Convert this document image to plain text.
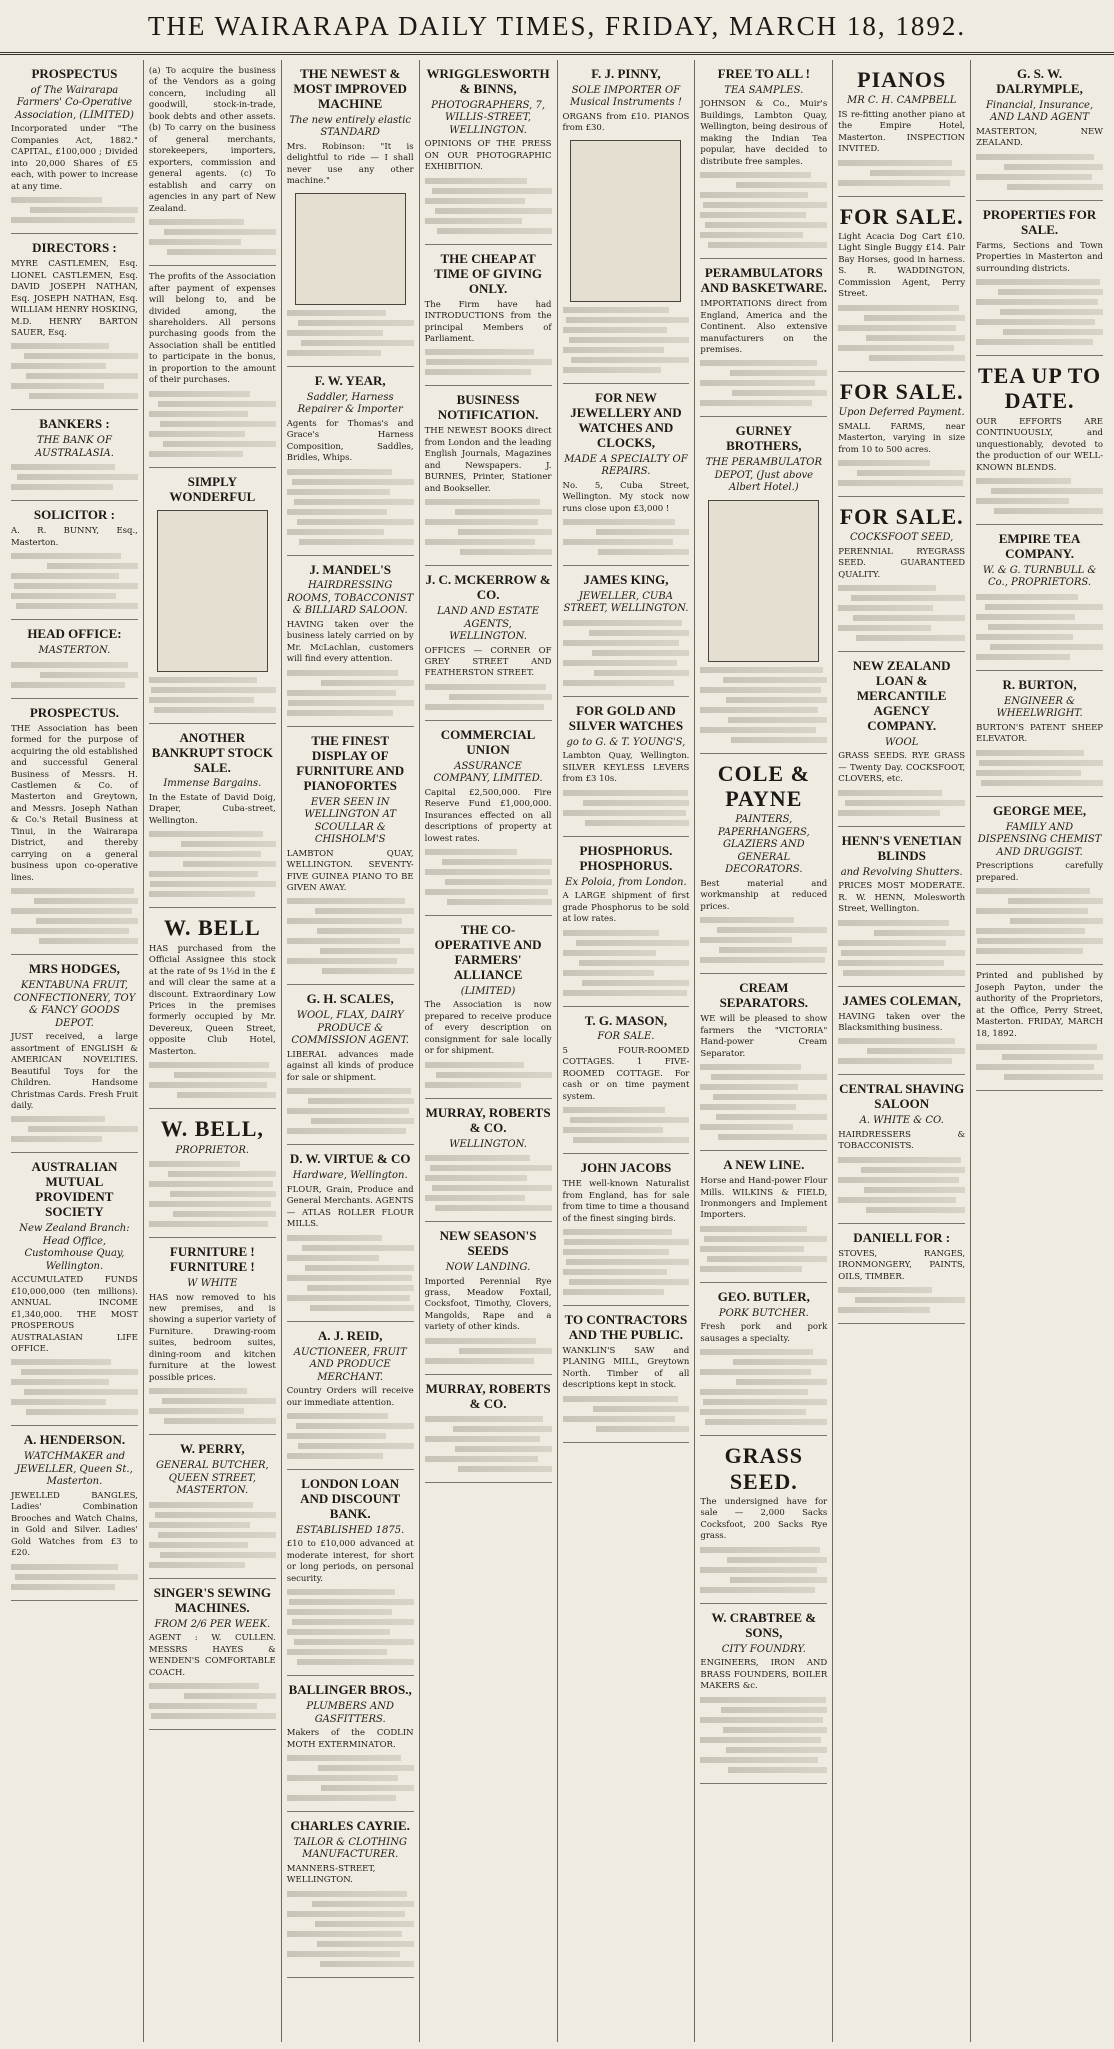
THE WAIRARAPA DAILY TIMES, FRIDAY, MARCH 18, 1892.
PROSPECTUS
of The Wairarapa Farmers' Co-Operative Association, (LIMITED)
Incorporated under "The Companies Act, 1882." CAPITAL, £100,000 ; Divided into 20,000 Shares of £5 each, with power to increase at any time.
DIRECTORS :
MYRE CASTLEMEN, Esq. LIONEL CASTLEMEN, Esq. DAVID JOSEPH NATHAN, Esq. JOSEPH NATHAN, Esq. WILLIAM HENRY HOSKING, M.D. HENRY BARTON SAUER, Esq.
BANKERS :
THE BANK OF AUSTRALASIA.
SOLICITOR :
A. R. BUNNY, Esq., Masterton.
HEAD OFFICE:
MASTERTON.
PROSPECTUS.
THE Association has been formed for the purpose of acquiring the old established and successful General Business of Messrs. H. Castlemen & Co. of Masterton and Greytown, and Messrs. Joseph Nathan & Co.'s Retail Business at Tinui, in the Wairarapa District, and thereby carrying on a general business upon co-operative lines.
MRS HODGES,
KENTABUNA FRUIT, CONFECTIONERY, TOY & FANCY GOODS DEPOT.
JUST received, a large assortment of ENGLISH & AMERICAN NOVELTIES. Beautiful Toys for the Children. Handsome Christmas Cards. Fresh Fruit daily.
AUSTRALIAN MUTUAL PROVIDENT SOCIETY
New Zealand Branch: Head Office, Customhouse Quay, Wellington.
ACCUMULATED FUNDS £10,000,000 (ten millions). ANNUAL INCOME £1,340,000. THE MOST PROSPEROUS AUSTRALASIAN LIFE OFFICE.
A. HENDERSON.
WATCHMAKER and JEWELLER, Queen St., Masterton.
JEWELLED BANGLES, Ladies' Combination Brooches and Watch Chains, in Gold and Silver. Ladies' Gold Watches from £3 to £20.
(a) To acquire the business of the Vendors as a going concern, including all goodwill, stock-in-trade, book debts and other assets. (b) To carry on the business of general merchants, storekeepers, importers, exporters, commission and general agents. (c) To establish and carry on agencies in any part of New Zealand.
The profits of the Association after payment of expenses will belong to, and be divided among, the shareholders. All persons purchasing goods from the Association shall be entitled to participate in the bonus, in proportion to the amount of their purchases.
SIMPLY WONDERFUL
ANOTHER BANKRUPT STOCK SALE.
Immense Bargains.
In the Estate of David Doig, Draper, Cuba-street, Wellington.
W. BELL
HAS purchased from the Official Assignee this stock at the rate of 9s 1½d in the £ and will clear the same at a discount. Extraordinary Low Prices in the premises formerly occupied by Mr. Devereux, Queen Street, opposite Club Hotel, Masterton.
W. BELL,
PROPRIETOR.
FURNITURE ! FURNITURE !
W WHITE
HAS now removed to his new premises, and is showing a superior variety of Furniture. Drawing-room suites, bedroom suites, dining-room and kitchen furniture at the lowest possible prices.
W. PERRY,
GENERAL BUTCHER, QUEEN STREET, MASTERTON.
SINGER'S SEWING MACHINES.
FROM 2/6 PER WEEK.
AGENT : W. CULLEN. MESSRS HAYES & WENDEN'S COMFORTABLE COACH.
THE NEWEST & MOST IMPROVED MACHINE
The new entirely elastic STANDARD
Mrs. Robinson: "It is delightful to ride — I shall never use any other machine."
F. W. YEAR,
Saddler, Harness Repairer & Importer
Agents for Thomas's and Grace's Harness Composition, Saddles, Bridles, Whips.
J. MANDEL'S
HAIRDRESSING ROOMS, TOBACCONIST & BILLIARD SALOON.
HAVING taken over the business lately carried on by Mr. McLachlan, customers will find every attention.
THE FINEST DISPLAY OF FURNITURE AND PIANOFORTES
EVER SEEN IN WELLINGTON AT SCOULLAR & CHISHOLM'S
LAMBTON QUAY, WELLINGTON. SEVENTY-FIVE GUINEA PIANO TO BE GIVEN AWAY.
G. H. SCALES,
WOOL, FLAX, DAIRY PRODUCE & COMMISSION AGENT.
LIBERAL advances made against all kinds of produce for sale or shipment.
D. W. VIRTUE & CO
Hardware, Wellington.
FLOUR, Grain, Produce and General Merchants. AGENTS — ATLAS ROLLER FLOUR MILLS.
A. J. REID,
AUCTIONEER, FRUIT AND PRODUCE MERCHANT.
Country Orders will receive our immediate attention.
LONDON LOAN AND DISCOUNT BANK.
ESTABLISHED 1875.
£10 to £10,000 advanced at moderate interest, for short or long periods, on personal security.
BALLINGER BROS.,
PLUMBERS AND GASFITTERS.
Makers of the CODLIN MOTH EXTERMINATOR.
CHARLES CAYRIE.
TAILOR & CLOTHING MANUFACTURER.
MANNERS-STREET, WELLINGTON.
WRIGGLESWORTH & BINNS,
PHOTOGRAPHERS, 7, WILLIS-STREET, WELLINGTON.
OPINIONS OF THE PRESS ON OUR PHOTOGRAPHIC EXHIBITION.
THE CHEAP AT TIME OF GIVING ONLY.
The Firm have had INTRODUCTIONS from the principal Members of Parliament.
BUSINESS NOTIFICATION.
THE NEWEST BOOKS direct from London and the leading English Journals, Magazines and Newspapers. J. BURNES, Printer, Stationer and Bookseller.
J. C. MCKERROW & CO.
LAND AND ESTATE AGENTS, WELLINGTON.
OFFICES — CORNER OF GREY STREET AND FEATHERSTON STREET.
COMMERCIAL UNION
ASSURANCE COMPANY, LIMITED.
Capital £2,500,000. Fire Reserve Fund £1,000,000. Insurances effected on all descriptions of property at lowest rates.
THE CO-OPERATIVE AND FARMERS' ALLIANCE
(LIMITED)
The Association is now prepared to receive produce of every description on consignment for sale locally or for shipment.
MURRAY, ROBERTS & CO.
WELLINGTON.
NEW SEASON'S SEEDS
NOW LANDING.
Imported Perennial Rye grass, Meadow Foxtail, Cocksfoot, Timothy, Clovers, Mangolds, Rape and a variety of other kinds.
MURRAY, ROBERTS & CO.
F. J. PINNY,
SOLE IMPORTER OF Musical Instruments !
ORGANS from £10. PIANOS from £30.
FOR NEW JEWELLERY AND WATCHES AND CLOCKS,
MADE A SPECIALTY OF REPAIRS.
No. 5, Cuba Street, Wellington. My stock now runs close upon £3,000 !
JAMES KING,
JEWELLER, CUBA STREET, WELLINGTON.
FOR GOLD AND SILVER WATCHES
go to G. & T. YOUNG'S,
Lambton Quay, Wellington. SILVER KEYLESS LEVERS from £3 10s.
PHOSPHORUS. PHOSPHORUS.
Ex Poloia, from London.
A LARGE shipment of first grade Phosphorus to be sold at low rates.
T. G. MASON,
FOR SALE.
5 FOUR-ROOMED COTTAGES. 1 FIVE-ROOMED COTTAGE. For cash or on time payment system.
JOHN JACOBS
THE well-known Naturalist from England, has for sale from time to time a thousand of the finest singing birds.
TO CONTRACTORS AND THE PUBLIC.
WANKLIN'S SAW and PLANING MILL, Greytown North. Timber of all descriptions kept in stock.
FREE TO ALL !
TEA SAMPLES.
JOHNSON & Co., Muir's Buildings, Lambton Quay, Wellington, being desirous of making the Indian Tea popular, have decided to distribute free samples.
PERAMBULATORS AND BASKETWARE.
IMPORTATIONS direct from England, America and the Continent. Also extensive manufacturers on the premises.
GURNEY BROTHERS,
THE PERAMBULATOR DEPOT, (Just above Albert Hotel.)
COLE & PAYNE
PAINTERS, PAPERHANGERS, GLAZIERS AND GENERAL DECORATORS.
Best material and workmanship at reduced prices.
CREAM SEPARATORS.
WE will be pleased to show farmers the "VICTORIA" Hand-power Cream Separator.
A NEW LINE.
Horse and Hand-power Flour Mills. WILKINS & FIELD, Ironmongers and Implement Importers.
GEO. BUTLER,
PORK BUTCHER.
Fresh pork and pork sausages a specialty.
GRASS SEED.
The undersigned have for sale — 2,000 Sacks Cocksfoot, 200 Sacks Rye grass.
W. CRABTREE & SONS,
CITY FOUNDRY.
ENGINEERS, IRON AND BRASS FOUNDERS, BOILER MAKERS &c.
PIANOS
MR C. H. CAMPBELL
IS re-fitting another piano at the Empire Hotel, Masterton. INSPECTION INVITED.
FOR SALE.
Light Acacia Dog Cart £10. Light Single Buggy £14. Pair Bay Horses, good in harness. S. R. WADDINGTON, Commission Agent, Perry Street.
FOR SALE.
Upon Deferred Payment.
SMALL FARMS, near Masterton, varying in size from 10 to 500 acres.
FOR SALE.
COCKSFOOT SEED,
PERENNIAL RYEGRASS SEED. GUARANTEED QUALITY.
NEW ZEALAND LOAN & MERCANTILE AGENCY COMPANY.
WOOL
GRASS SEEDS. RYE GRASS — Twenty Day. COCKSFOOT, CLOVERS, etc.
HENN'S VENETIAN BLINDS
and Revolving Shutters.
PRICES MOST MODERATE. R. W. HENN, Molesworth Street, Wellington.
JAMES COLEMAN,
HAVING taken over the Blacksmithing business.
CENTRAL SHAVING SALOON
A. WHITE & CO.
HAIRDRESSERS & TOBACCONISTS.
DANIELL FOR :
STOVES, RANGES, IRONMONGERY, PAINTS, OILS, TIMBER.
G. S. W. DALRYMPLE,
Financial, Insurance, AND LAND AGENT
MASTERTON, NEW ZEALAND.
PROPERTIES FOR SALE.
Farms, Sections and Town Properties in Masterton and surrounding districts.
TEA UP TO DATE.
OUR EFFORTS ARE CONTINUOUSLY, and unquestionably, devoted to the production of our WELL-KNOWN BLENDS.
EMPIRE TEA COMPANY.
W. & G. TURNBULL & Co., PROPRIETORS.
R. BURTON,
ENGINEER & WHEELWRIGHT.
BURTON'S PATENT SHEEP ELEVATOR.
GEORGE MEE,
FAMILY AND DISPENSING CHEMIST AND DRUGGIST.
Prescriptions carefully prepared.
Printed and published by Joseph Payton, under the authority of the Proprietors, at the Office, Perry Street, Masterton. FRIDAY, MARCH 18, 1892.
